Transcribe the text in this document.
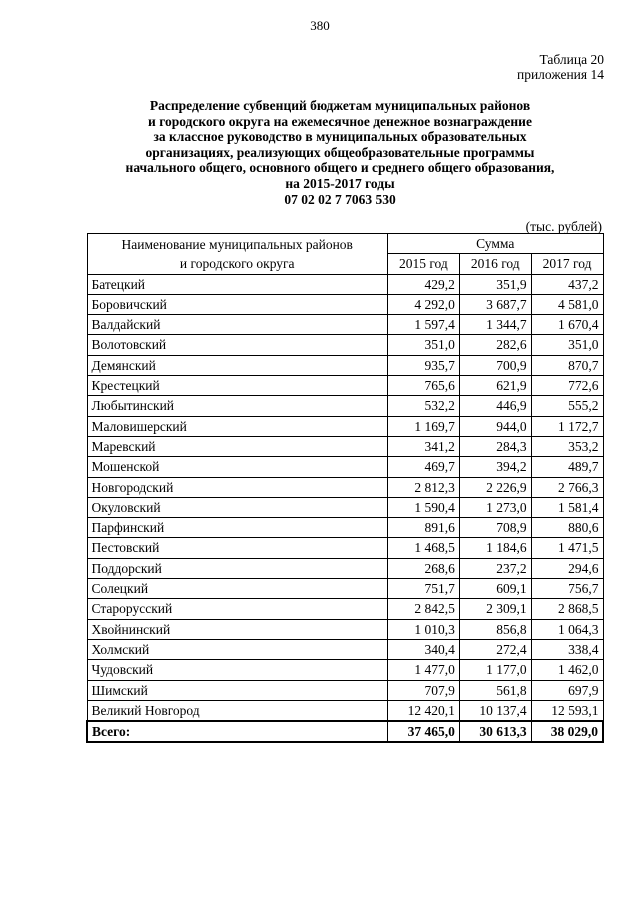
380
Таблица 20
приложения 14
Распределение субвенций бюджетам муниципальных районов
и городского округа на ежемесячное денежное вознаграждение
за классное руководство в муниципальных образовательных
организациях, реализующих общеобразовательные программы
начального общего, основного общего и среднего общего образования,
на 2015-2017 годы
07 02 02 7 7063 530
(тыс. рублей)
Наименование муниципальных районов
и городского округа	Сумма		
	2015 год	2016 год	2017 год
Батецкий	429,2	351,9	437,2
Боровичский	4 292,0	3 687,7	4 581,0
Валдайский	1 597,4	1 344,7	1 670,4
Волотовский	351,0	282,6	351,0
Демянский	935,7	700,9	870,7
Крестецкий	765,6	621,9	772,6
Любытинский	532,2	446,9	555,2
Маловишерский	1 169,7	944,0	1 172,7
Маревский	341,2	284,3	353,2
Мошенской	469,7	394,2	489,7
Новгородский	2 812,3	2 226,9	2 766,3
Окуловский	1 590,4	1 273,0	1 581,4
Парфинский	891,6	708,9	880,6
Пестовский	1 468,5	1 184,6	1 471,5
Поддорский	268,6	237,2	294,6
Солецкий	751,7	609,1	756,7
Старорусский	2 842,5	2 309,1	2 868,5
Хвойнинский	1 010,3	856,8	1 064,3
Холмский	340,4	272,4	338,4
Чудовский	1 477,0	1 177,0	1 462,0
Шимский	707,9	561,8	697,9
Великий Новгород	12 420,1	10 137,4	12 593,1
Всего:	37 465,0	30 613,3	38 029,0
